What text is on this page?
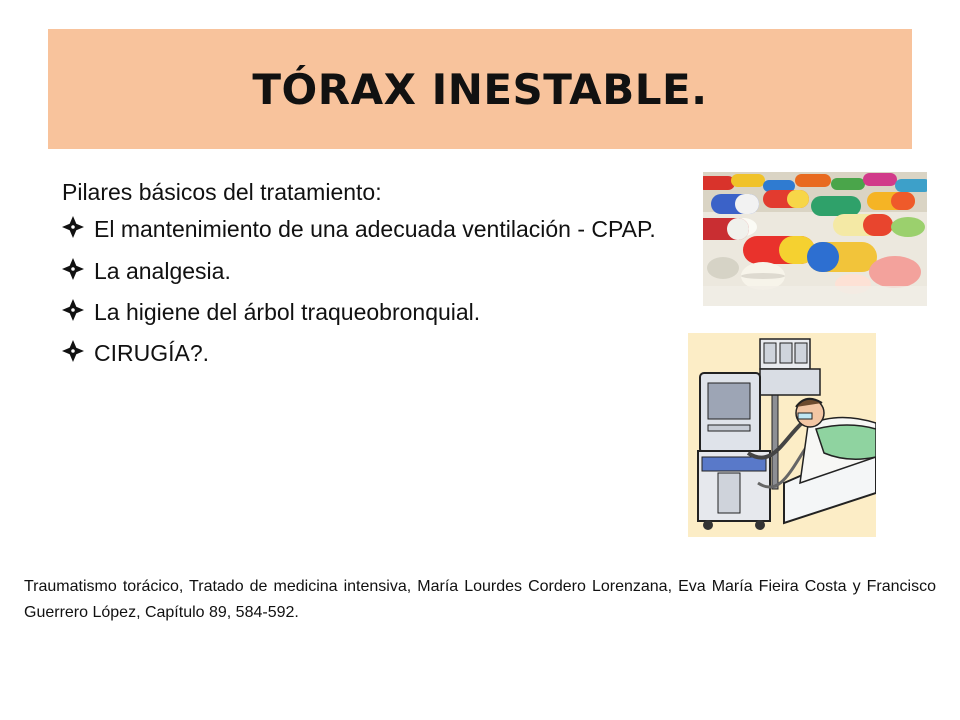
TÓRAX INESTABLE.
Pilares básicos del tratamiento:
El mantenimiento de una adecuada ventilación - CPAP.
La analgesia.
La higiene del árbol traqueobronquial.
CIRUGÍA?.
Traumatismo torácico, Tratado de medicina intensiva, María Lourdes Cordero Lorenzana, Eva María Fieira Costa y Francisco Guerrero López, Capítulo 89, 584-592.
